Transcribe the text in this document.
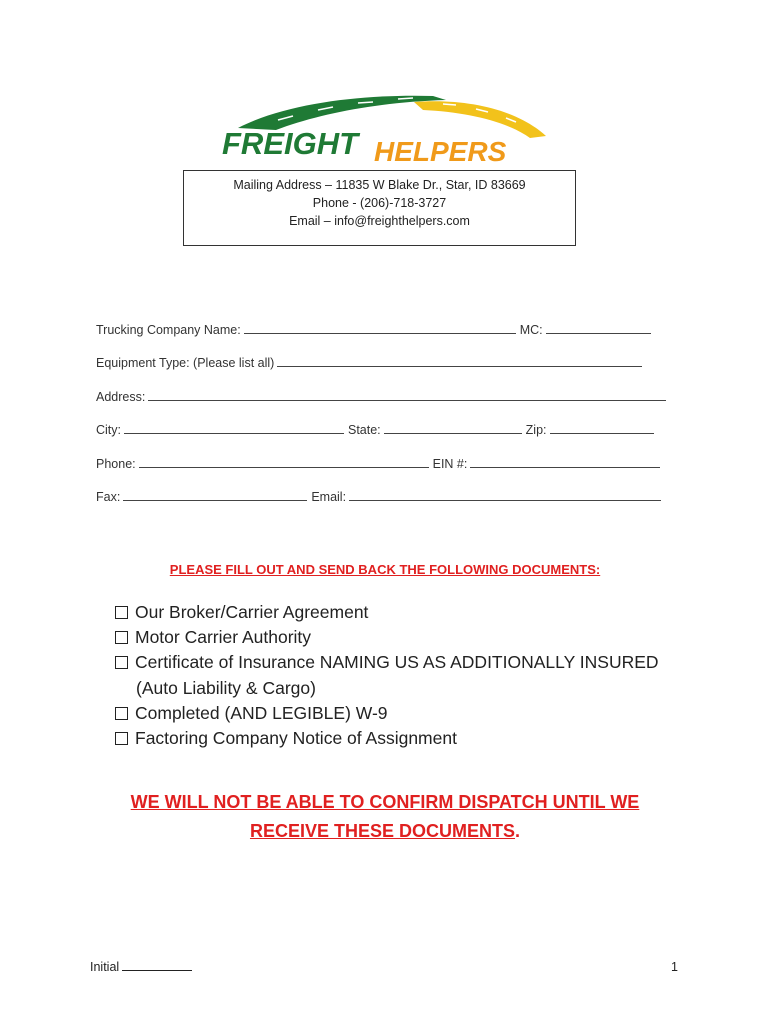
FREIGHT HELPERS
Mailing Address – 11835 W Blake Dr., Star, ID 83669
Phone - (206)-718-3727
Email – info@freighthelpers.com
Trucking Company Name:	MC:
Equipment Type: (Please list all)
Address:
City:	State:	Zip:
Phone:	EIN #:
Fax:	Email:
PLEASE FILL OUT AND SEND BACK THE FOLLOWING DOCUMENTS:
Our Broker/Carrier Agreement
Motor Carrier Authority
Certificate of Insurance NAMING US AS ADDITIONALLY INSURED
(Auto Liability & Cargo)
Completed (AND LEGIBLE) W-9
Factoring Company Notice of Assignment
WE WILL NOT BE ABLE TO CONFIRM DISPATCH UNTIL WE
RECEIVE THESE DOCUMENTS.
Initial	1
